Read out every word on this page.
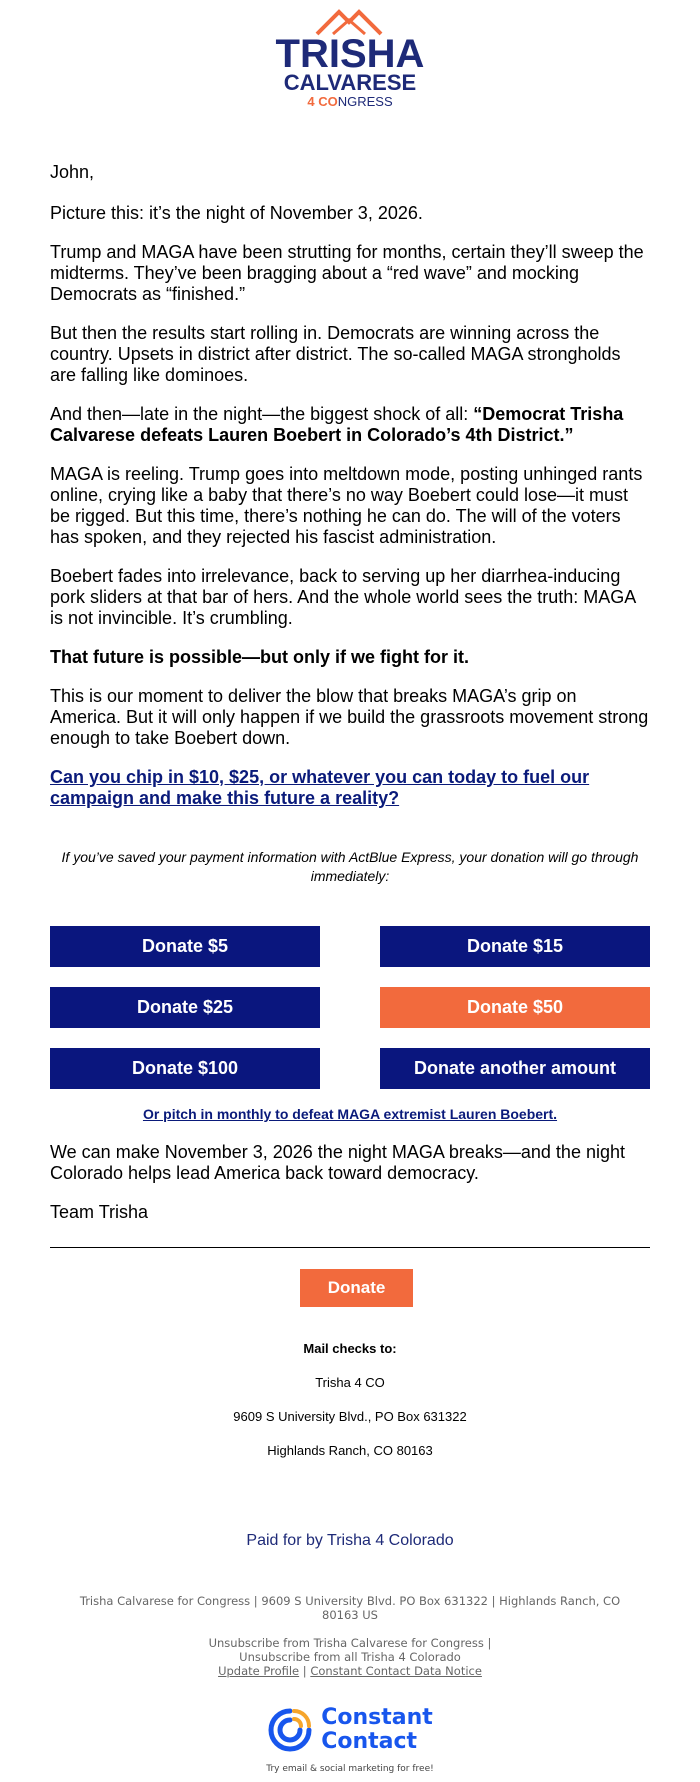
TRISHA
CALVARESE
4 CONGRESS

John,

Picture this: it’s the night of November 3, 2026.

Trump and MAGA have been strutting for months, certain they’ll sweep the midterms. They’ve been bragging about a “red wave” and mocking Democrats as “finished.”

But then the results start rolling in. Democrats are winning across the country. Upsets in district after district. The so-called MAGA strongholds are falling like dominoes.

And then—late in the night—the biggest shock of all: “Democrat Trisha Calvarese defeats Lauren Boebert in Colorado’s 4th District.”

MAGA is reeling. Trump goes into meltdown mode, posting unhinged rants online, crying like a baby that there’s no way Boebert could lose—it must be rigged. But this time, there’s nothing he can do. The will of the voters has spoken, and they rejected his fascist administration.

Boebert fades into irrelevance, back to serving up her diarrhea-inducing pork sliders at that bar of hers. And the whole world sees the truth: MAGA is not invincible. It’s crumbling.

That future is possible—but only if we fight for it.

This is our moment to deliver the blow that breaks MAGA’s grip on America. But it will only happen if we build the grassroots movement strong enough to take Boebert down.

Can you chip in $10, $25, or whatever you can today to fuel our campaign and make this future a reality?
If you’ve saved your payment information with ActBlue Express, your donation will go through immediately:
Donate $5	Donate $15
Donate $25	Donate $50
Donate $100	Donate another amount
Or pitch in monthly to defeat MAGA extremist Lauren Boebert.

We can make November 3, 2026 the night MAGA breaks—and the night Colorado helps lead America back toward democracy.

Team Trisha

Donate
Mail checks to:
Trisha 4 CO
9609 S University Blvd., PO Box 631322
Highlands Ranch, CO 80163
Paid for by Trisha 4 Colorado
Trisha Calvarese for Congress | 9609 S University Blvd. PO Box 631322 | Highlands Ranch, CO 80163 US
Unsubscribe from Trisha Calvarese for Congress |
Unsubscribe from all Trisha 4 Colorado
Update Profile | Constant Contact Data Notice
Constant
Contact
Try email & social marketing for free!
